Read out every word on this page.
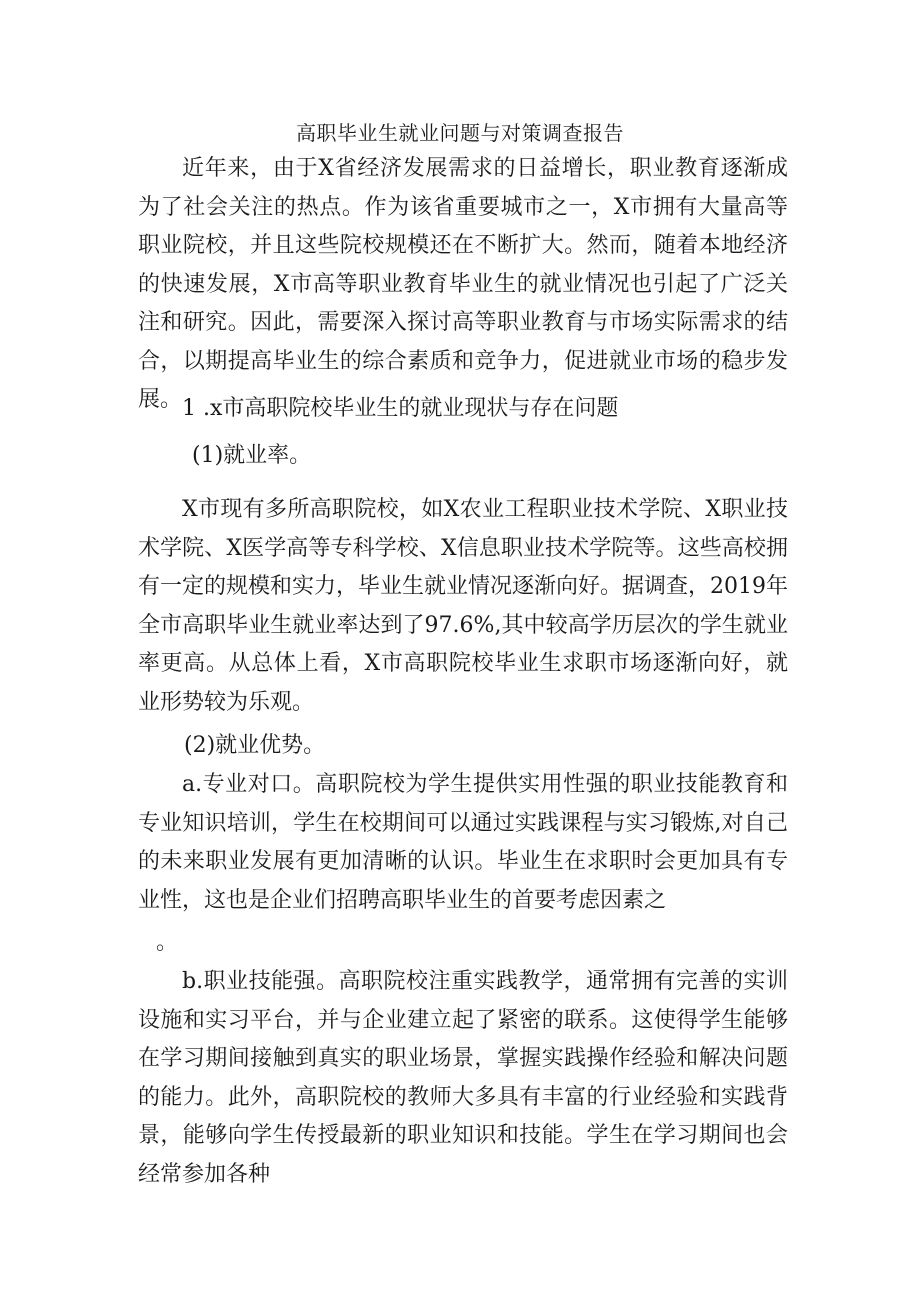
高职毕业生就业问题与对策调查报告

近年来，由于X省经济发展需求的日益增长，职业教育逐渐成为了社会关注的热点。作为该省重要城市之一，X市拥有大量高等职业院校，并且这些院校规模还在不断扩大。然而，随着本地经济的快速发展，X市高等职业教育毕业生的就业情况也引起了广泛关注和研究。因此，需要深入探讨高等职业教育与市场实际需求的结合，以期提高毕业生的综合素质和竞争力，促进就业市场的稳步发展。 1 .x市高职院校毕业生的就业现状与存在问题

(1)就业率。

X市现有多所高职院校，如X农业工程职业技术学院、X职业技术学院、X医学高等专科学校、X信息职业技术学院等。这些高校拥有一定的规模和实力，毕业生就业情况逐渐向好。据调查，2019年全市高职毕业生就业率达到了97.6%,其中较高学历层次的学生就业率更高。从总体上看，X市高职院校毕业生求职市场逐渐向好，就业形势较为乐观。

(2)就业优势。

a.专业对口。高职院校为学生提供实用性强的职业技能教育和专业知识培训，学生在校期间可以通过实践课程与实习锻炼,对自己的未来职业发展有更加清晰的认识。毕业生在求职时会更加具有专业性，这也是企业们招聘高职毕业生的首要考虑因素之

。

b.职业技能强。高职院校注重实践教学，通常拥有完善的实训设施和实习平台，并与企业建立起了紧密的联系。这使得学生能够在学习期间接触到真实的职业场景，掌握实践操作经验和解决问题的能力。此外，高职院校的教师大多具有丰富的行业经验和实践背景，能够向学生传授最新的职业知识和技能。学生在学习期间也会经常参加各种
